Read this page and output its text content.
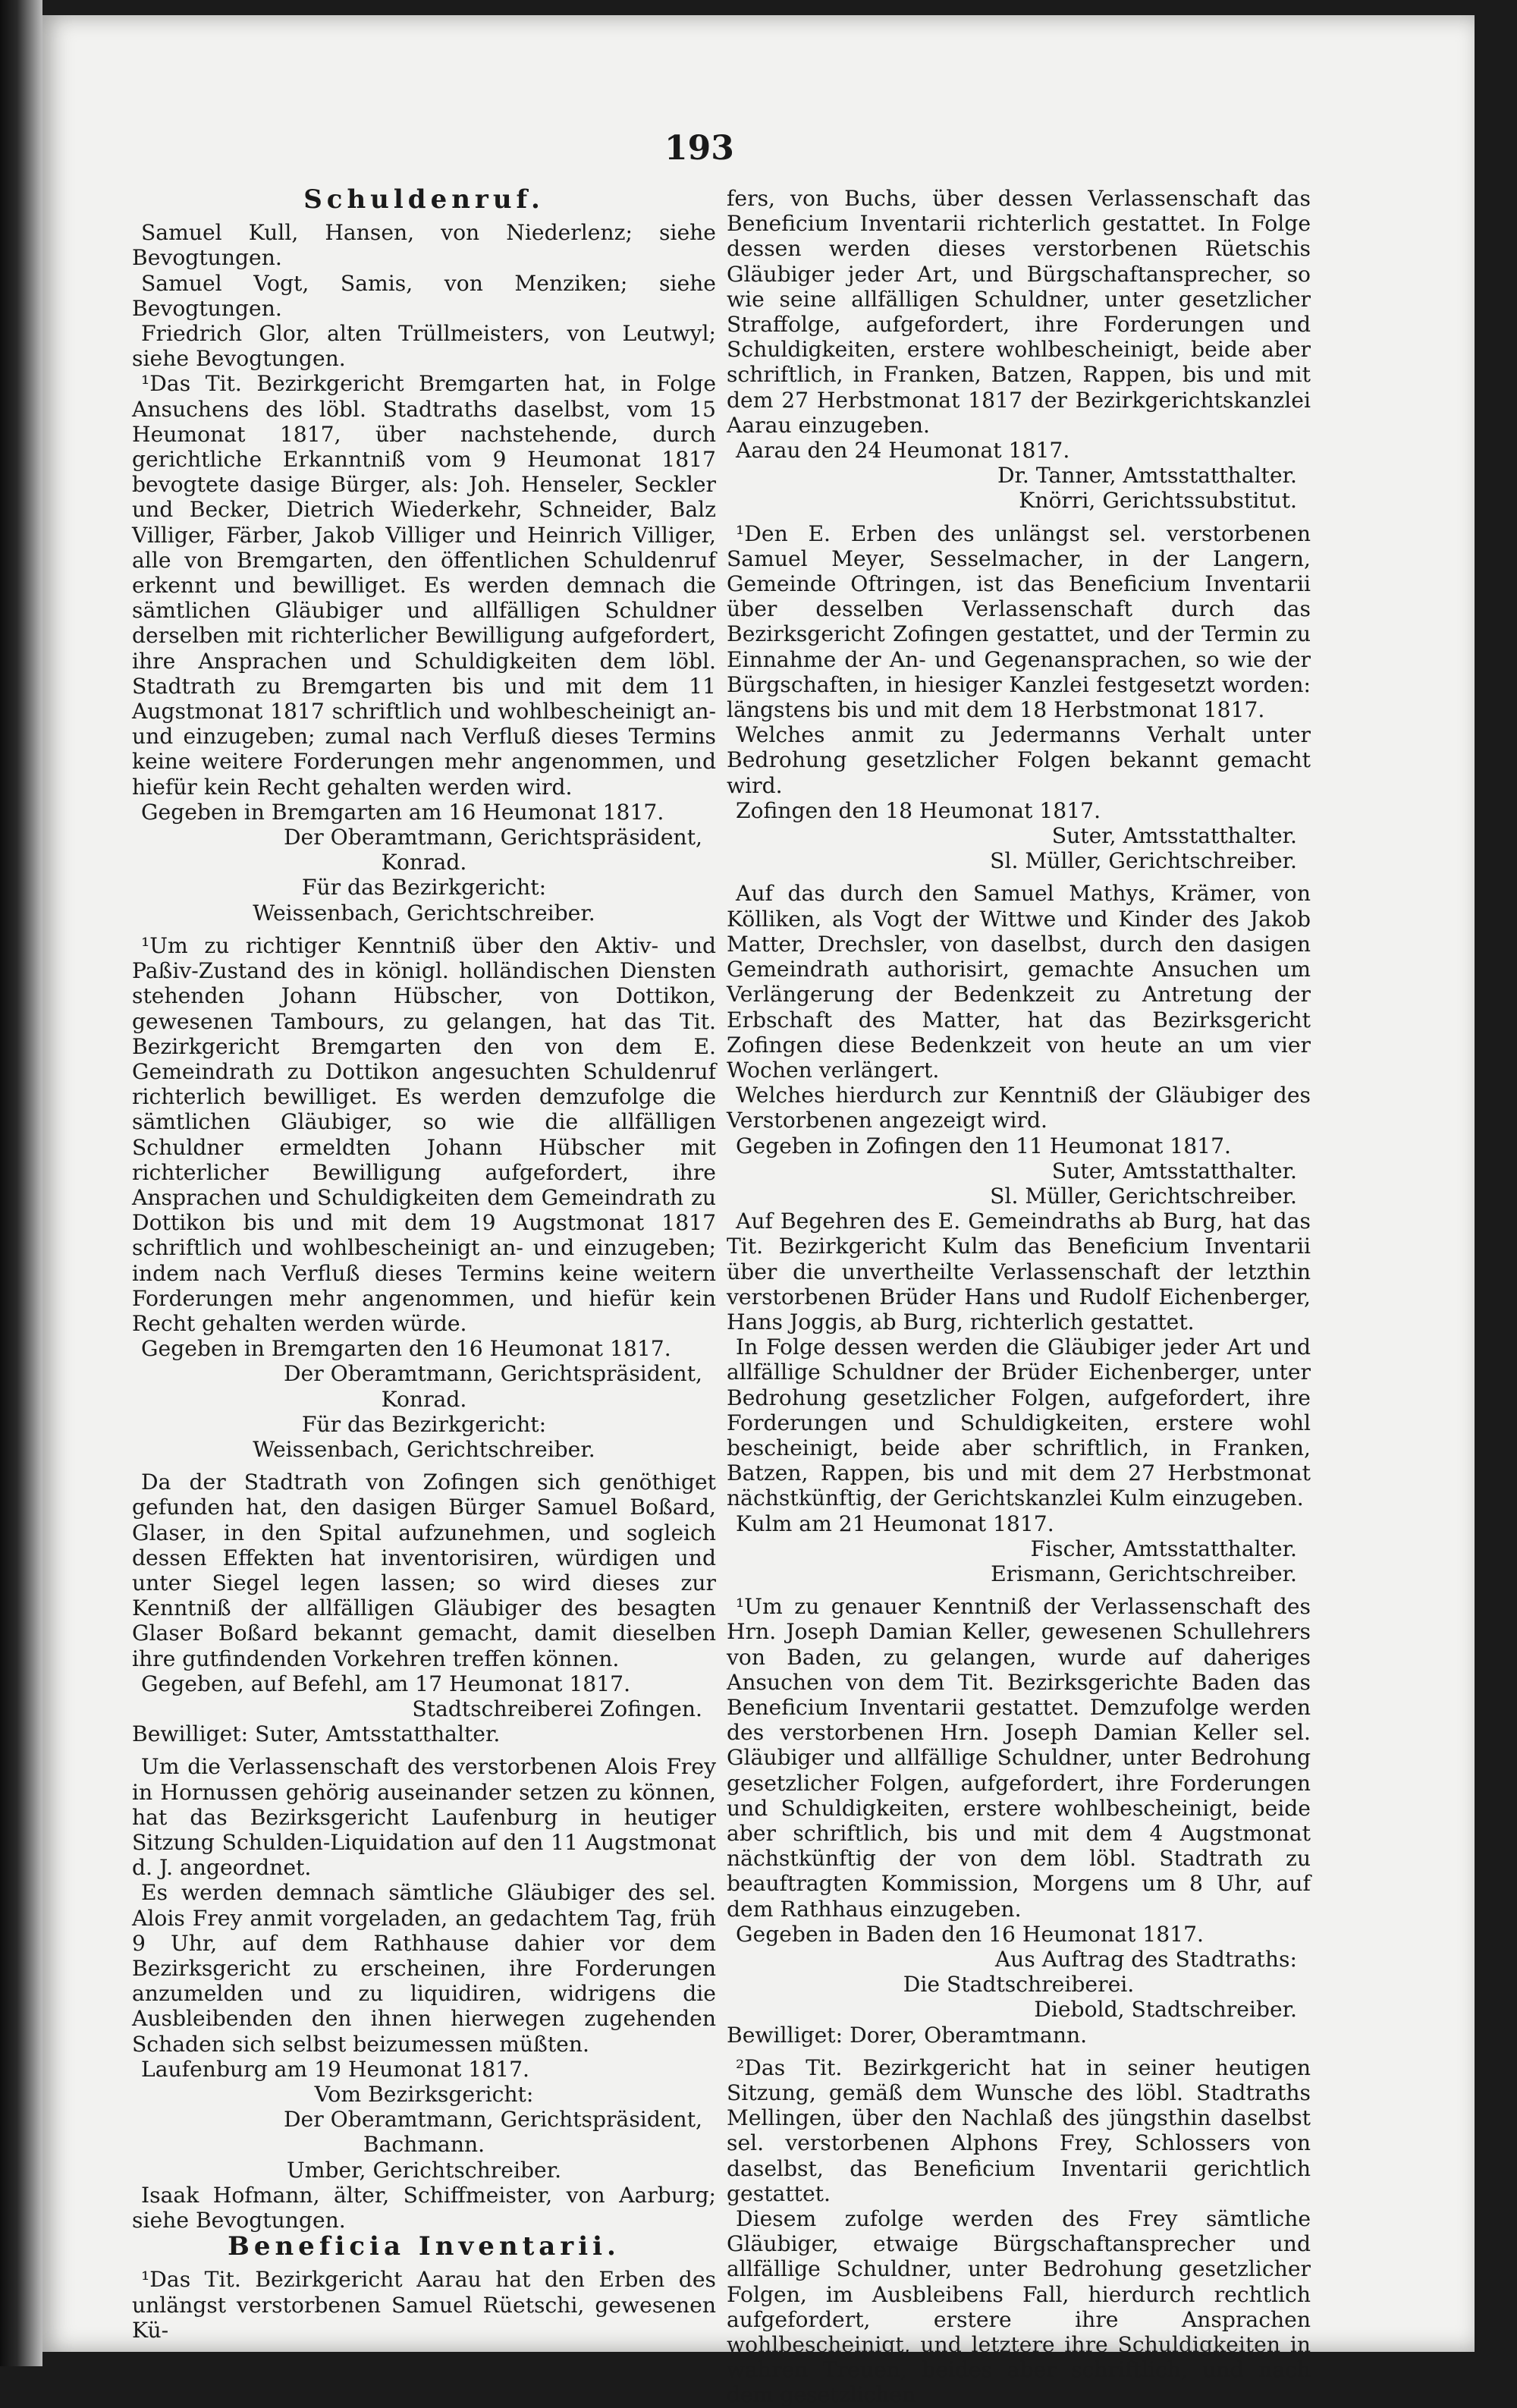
193

Schuldenruf.

Samuel Kull, Hansen, von Niederlenz; siehe Bevogtungen.

Samuel Vogt, Samis, von Menziken; siehe Bevogtungen.

Friedrich Glor, alten Trüllmeisters, von Leutwyl; siehe Bevogtungen.

¹Das Tit. Bezirkgericht Bremgarten hat, in Folge Ansuchens des löbl. Stadtraths daselbst, vom 15 Heumonat 1817, über nachstehende, durch gerichtliche Erkanntniß vom 9 Heumonat 1817 bevogtete dasige Bürger, als: Joh. Henseler, Seckler und Becker, Dietrich Wiederkehr, Schneider, Balz Villiger, Färber, Jakob Villiger und Heinrich Villiger, alle von Bremgarten, den öffentlichen Schuldenruf erkennt und bewilliget. Es werden demnach die sämtlichen Gläubiger und allfälligen Schuldner derselben mit richterlicher Bewilligung aufgefordert, ihre Ansprachen und Schuldigkeiten dem löbl. Stadtrath zu Bremgarten bis und mit dem 11 Augstmonat 1817 schriftlich und wohlbescheinigt an- und einzugeben; zumal nach Verfluß dieses Termins keine weitere Forderungen mehr angenommen, und hiefür kein Recht gehalten werden wird.

Gegeben in Bremgarten am 16 Heumonat 1817.

Der Oberamtmann, Gerichtspräsident,

Konrad.

Für das Bezirkgericht:

Weissenbach, Gerichtschreiber.

¹Um zu richtiger Kenntniß über den Aktiv- und Paßiv-Zustand des in königl. holländischen Diensten stehenden Johann Hübscher, von Dottikon, gewesenen Tambours, zu gelangen, hat das Tit. Bezirkgericht Bremgarten den von dem E. Gemeindrath zu Dottikon angesuchten Schuldenruf richterlich bewilliget. Es werden demzufolge die sämtlichen Gläubiger, so wie die allfälligen Schuldner ermeldten Johann Hübscher mit richterlicher Bewilligung aufgefordert, ihre Ansprachen und Schuldigkeiten dem Gemeindrath zu Dottikon bis und mit dem 19 Augstmonat 1817 schriftlich und wohlbescheinigt an- und einzugeben; indem nach Verfluß dieses Termins keine weitern Forderungen mehr angenommen, und hiefür kein Recht gehalten werden würde.

Gegeben in Bremgarten den 16 Heumonat 1817.

Der Oberamtmann, Gerichtspräsident,

Konrad.

Für das Bezirkgericht:

Weissenbach, Gerichtschreiber.

Da der Stadtrath von Zofingen sich genöthiget gefunden hat, den dasigen Bürger Samuel Boßard, Glaser, in den Spital aufzunehmen, und sogleich dessen Effekten hat inventorisiren, würdigen und unter Siegel legen lassen; so wird dieses zur Kenntniß der allfälligen Gläubiger des besagten Glaser Boßard bekannt gemacht, damit dieselben ihre gutfindenden Vorkehren treffen können.

Gegeben, auf Befehl, am 17 Heumonat 1817.

Stadtschreiberei Zofingen.

Bewilliget: Suter, Amtsstatthalter.

Um die Verlassenschaft des verstorbenen Alois Frey in Hornussen gehörig auseinander setzen zu können, hat das Bezirksgericht Laufenburg in heutiger Sitzung Schulden-Liquidation auf den 11 Augstmonat d. J. angeordnet.

Es werden demnach sämtliche Gläubiger des sel. Alois Frey anmit vorgeladen, an gedachtem Tag, früh 9 Uhr, auf dem Rathhause dahier vor dem Bezirksgericht zu erscheinen, ihre Forderungen anzumelden und zu liquidiren, widrigens die Ausbleibenden den ihnen hierwegen zugehenden Schaden sich selbst beizumessen müßten.

Laufenburg am 19 Heumonat 1817.

Vom Bezirksgericht:

Der Oberamtmann, Gerichtspräsident,

Bachmann.

Umber, Gerichtschreiber.

Isaak Hofmann, älter, Schiffmeister, von Aarburg; siehe Bevogtungen.

Beneficia Inventarii.

¹Das Tit. Bezirkgericht Aarau hat den Erben des unlängst verstorbenen Samuel Rüetschi, gewesenen Kü-

fers, von Buchs, über dessen Verlassenschaft das Beneficium Inventarii richterlich gestattet. In Folge dessen werden dieses verstorbenen Rüetschis Gläubiger jeder Art, und Bürgschaftansprecher, so wie seine allfälligen Schuldner, unter gesetzlicher Straffolge, aufgefordert, ihre Forderungen und Schuldigkeiten, erstere wohlbescheinigt, beide aber schriftlich, in Franken, Batzen, Rappen, bis und mit dem 27 Herbstmonat 1817 der Bezirkgerichtskanzlei Aarau einzugeben.

Aarau den 24 Heumonat 1817.

Dr. Tanner, Amtsstatthalter.

Knörri, Gerichtssubstitut.

¹Den E. Erben des unlängst sel. verstorbenen Samuel Meyer, Sesselmacher, in der Langern, Gemeinde Oftringen, ist das Beneficium Inventarii über desselben Verlassenschaft durch das Bezirksgericht Zofingen gestattet, und der Termin zu Einnahme der An- und Gegenansprachen, so wie der Bürgschaften, in hiesiger Kanzlei festgesetzt worden: längstens bis und mit dem 18 Herbstmonat 1817.

Welches anmit zu Jedermanns Verhalt unter Bedrohung gesetzlicher Folgen bekannt gemacht wird.

Zofingen den 18 Heumonat 1817.

Suter, Amtsstatthalter.

Sl. Müller, Gerichtschreiber.

Auf das durch den Samuel Mathys, Krämer, von Kölliken, als Vogt der Wittwe und Kinder des Jakob Matter, Drechsler, von daselbst, durch den dasigen Gemeindrath authorisirt, gemachte Ansuchen um Verlängerung der Bedenkzeit zu Antretung der Erbschaft des Matter, hat das Bezirksgericht Zofingen diese Bedenkzeit von heute an um vier Wochen verlängert.

Welches hierdurch zur Kenntniß der Gläubiger des Verstorbenen angezeigt wird.

Gegeben in Zofingen den 11 Heumonat 1817.

Suter, Amtsstatthalter.

Sl. Müller, Gerichtschreiber.

Auf Begehren des E. Gemeindraths ab Burg, hat das Tit. Bezirkgericht Kulm das Beneficium Inventarii über die unvertheilte Verlassenschaft der letzthin verstorbenen Brüder Hans und Rudolf Eichenberger, Hans Joggis, ab Burg, richterlich gestattet.

In Folge dessen werden die Gläubiger jeder Art und allfällige Schuldner der Brüder Eichenberger, unter Bedrohung gesetzlicher Folgen, aufgefordert, ihre Forderungen und Schuldigkeiten, erstere wohl bescheinigt, beide aber schriftlich, in Franken, Batzen, Rappen, bis und mit dem 27 Herbstmonat nächstkünftig, der Gerichtskanzlei Kulm einzugeben.

Kulm am 21 Heumonat 1817.

Fischer, Amtsstatthalter.

Erismann, Gerichtschreiber.

¹Um zu genauer Kenntniß der Verlassenschaft des Hrn. Joseph Damian Keller, gewesenen Schullehrers von Baden, zu gelangen, wurde auf daheriges Ansuchen von dem Tit. Bezirksgerichte Baden das Beneficium Inventarii gestattet. Demzufolge werden des verstorbenen Hrn. Joseph Damian Keller sel. Gläubiger und allfällige Schuldner, unter Bedrohung gesetzlicher Folgen, aufgefordert, ihre Forderungen und Schuldigkeiten, erstere wohlbescheinigt, beide aber schriftlich, bis und mit dem 4 Augstmonat nächstkünftig der von dem löbl. Stadtrath zu beauftragten Kommission, Morgens um 8 Uhr, auf dem Rathhaus einzugeben.

Gegeben in Baden den 16 Heumonat 1817.

Aus Auftrag des Stadtraths:

Die Stadtschreiberei.

Diebold, Stadtschreiber.

Bewilliget: Dorer, Oberamtmann.

²Das Tit. Bezirkgericht hat in seiner heutigen Sitzung, gemäß dem Wunsche des löbl. Stadtraths Mellingen, über den Nachlaß des jüngsthin daselbst sel. verstorbenen Alphons Frey, Schlossers von daselbst, das Beneficium Inventarii gerichtlich gestattet.

Diesem zufolge werden des Frey sämtliche Gläubiger, etwaige Bürgschaftansprecher und allfällige Schuldner, unter Bedrohung gesetzlicher Folgen, im Ausbleibens Fall, hierdurch rechtlich aufgefordert, erstere ihre Ansprachen wohlbescheinigt, und letztere ihre Schuldigkeiten in wahren Treuen, beides aber schriftlich, und nach dem gesetzlichen
